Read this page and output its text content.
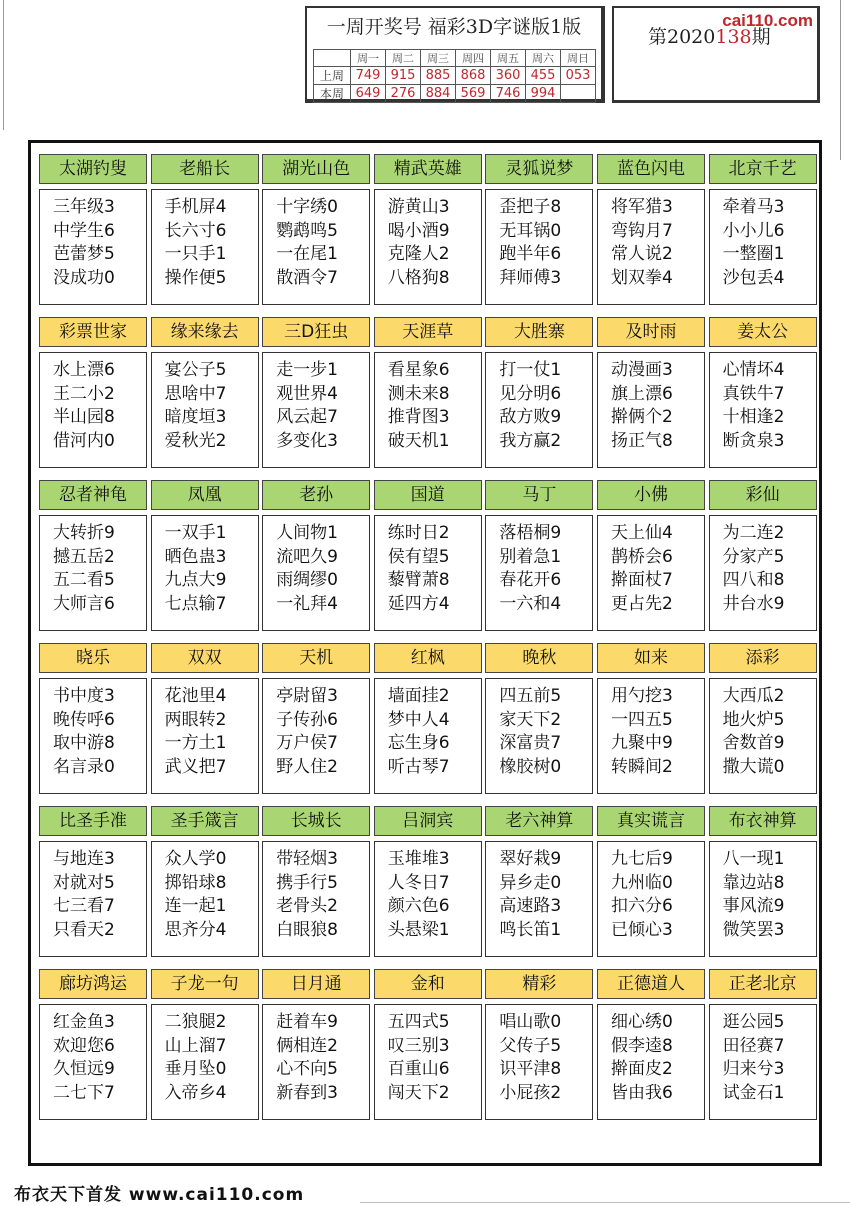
一周开奖号 福彩3D字谜版1版
	周一	周二	周三	周四	周五	周六	周日
上周	749	915	885	868	360	455	053
本周	649	276	884	569	746	994	
cai110.com
第2020138期
太湖钓叟
三年级3
中学生6
芭蕾梦5
没成功0
老船长
手机屏4
长六寸6
一只手1
操作便5
湖光山色
十字绣0
鹦鹉鸣5
一在尾1
散酒令7
精武英雄
游黄山3
喝小酒9
克隆人2
八格狗8
灵狐说梦
歪把子8
无耳锅0
跑半年6
拜师傅3
蓝色闪电
将军猎3
弯钩月7
常人说2
划双拳4
北京千艺
牵着马3
小小儿6
一整圈1
沙包丢4
彩票世家
水上漂6
王二小2
半山园8
借河内0
缘来缘去
宴公子5
思啥中7
暗度垣3
爱秋光2
三D狂虫
走一步1
观世界4
风云起7
多变化3
天涯草
看星象6
测未来8
推背图3
破天机1
大胜寨
打一仗1
见分明6
敌方败9
我方赢2
及时雨
动漫画3
旗上漂6
擀俩个2
扬正气8
姜太公
心情坏4
真铁牛7
十相逢2
断贪泉3
忍者神龟
大转折9
撼五岳2
五二看5
大师言6
凤凰
一双手1
晒色蛊3
九点大9
七点输7
老孙
人间物1
流吧久9
雨绸缪0
一礼拜4
国道
练时日2
侯有望5
藜臂萧8
延四方4
马丁
落梧桐9
别着急1
春花开6
一六和4
小佛
天上仙4
鹊桥会6
擀面杖7
更占先2
彩仙
为二连2
分家产5
四八和8
井台水9
晓乐
书中度3
晚传呼6
取中游8
名言录0
双双
花池里4
两眼转2
一方土1
武义把7
天机
亭尉留3
子传孙6
万户侯7
野人住2
红枫
墙面挂2
梦中人4
忘生身6
听古琴7
晚秋
四五前5
家天下2
深富贵7
橡胶树0
如来
用勺挖3
一四五5
九聚中9
转瞬间2
添彩
大西瓜2
地火炉5
舍数首9
撒大谎0
比圣手准
与地连3
对就对5
七三看7
只看天2
圣手箴言
众人学0
掷铅球8
连一起1
思齐分4
长城长
带轻烟3
携手行5
老骨头2
白眼狼8
吕洞宾
玉堆堆3
人冬日7
颜六色6
头悬梁1
老六神算
翠好栽9
异乡走0
高速路3
鸣长笛1
真实谎言
九七后9
九州临0
扣六分6
已倾心3
布衣神算
八一现1
靠边站8
事风流9
微笑罢3
廊坊鸿运
红金鱼3
欢迎您6
久恒远9
二七下7
子龙一句
二狼腿2
山上溜7
垂月坠0
入帝乡4
日月通
赶着车9
俩相连2
心不向5
新春到3
金和
五四式5
叹三别3
百重山6
闯天下2
精彩
唱山歌0
父传子5
识平津8
小屁孩2
正德道人
细心绣0
假李逵8
擀面皮2
皆由我6
正老北京
逛公园5
田径赛7
归来兮3
试金石1
布衣天下首发 www.cai110.com
